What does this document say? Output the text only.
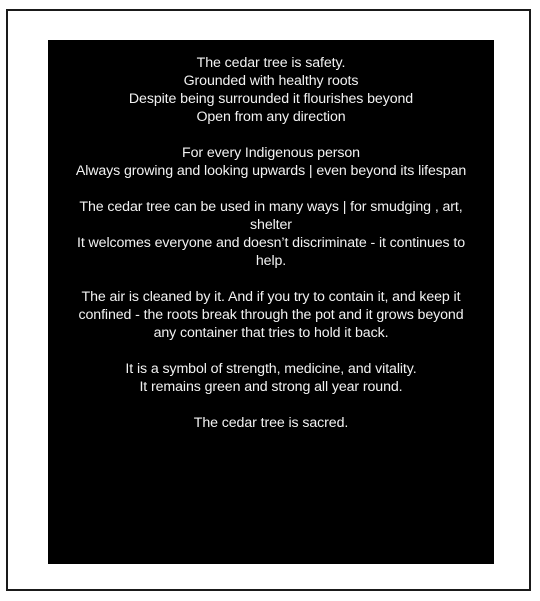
The cedar tree is safety.
Grounded with healthy roots
Despite being surrounded it flourishes beyond
Open from any direction
For every Indigenous person
Always growing and looking upwards | even beyond its lifespan
The cedar tree can be used in many ways | for smudging , art, shelter
It welcomes everyone and doesn’t discriminate - it continues to help.
The air is cleaned by it. And if you try to contain it, and keep it confined - the roots break through the pot and it grows beyond any container that tries to hold it back.
It is a symbol of strength, medicine, and vitality.
It remains green and strong all year round.
The cedar tree is sacred.
